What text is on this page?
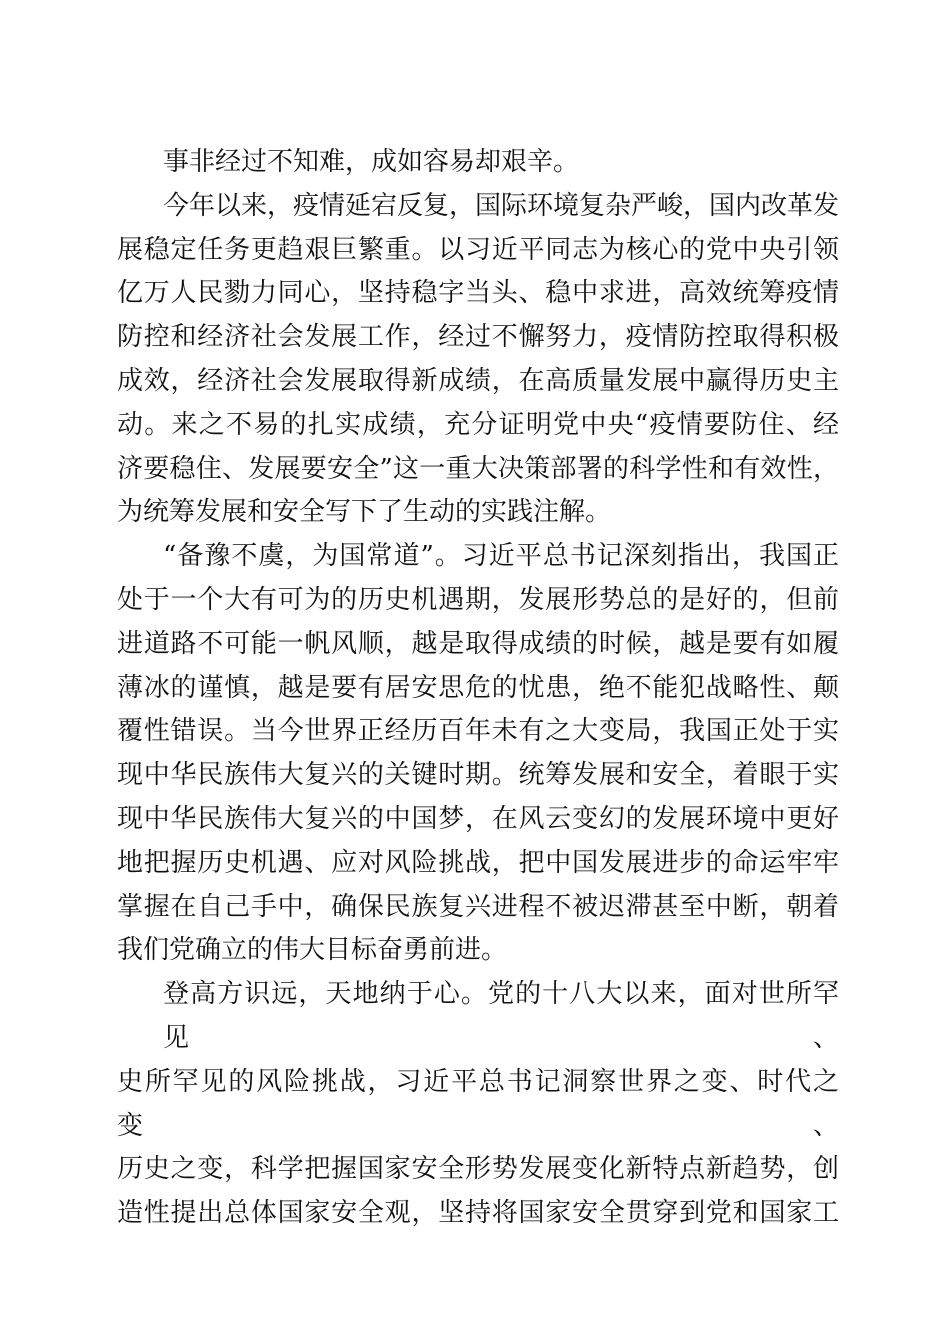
事非经过不知难，成如容易却艰辛。
今年以来，疫情延宕反复，国际环境复杂严峻，国内改革发
展稳定任务更趋艰巨繁重。以习近平同志为核心的党中央引领
亿万人民勠力同心，坚持稳字当头、稳中求进，高效统筹疫情
防控和经济社会发展工作，经过不懈努力，疫情防控取得积极
成效，经济社会发展取得新成绩，在高质量发展中赢得历史主
动。来之不易的扎实成绩，充分证明党中央“疫情要防住、经
济要稳住、发展要安全”这一重大决策部署的科学性和有效性，
为统筹发展和安全写下了生动的实践注解。
“备豫不虞，为国常道”。习近平总书记深刻指出，我国正
处于一个大有可为的历史机遇期，发展形势总的是好的，但前
进道路不可能一帆风顺，越是取得成绩的时候，越是要有如履
薄冰的谨慎，越是要有居安思危的忧患，绝不能犯战略性、颠
覆性错误。当今世界正经历百年未有之大变局，我国正处于实
现中华民族伟大复兴的关键时期。统筹发展和安全，着眼于实
现中华民族伟大复兴的中国梦，在风云变幻的发展环境中更好
地把握历史机遇、应对风险挑战，把中国发展进步的命运牢牢
掌握在自己手中，确保民族复兴进程不被迟滞甚至中断，朝着
我们党确立的伟大目标奋勇前进。
登高方识远，天地纳于心。党的十八大以来，面对世所罕见、
史所罕见的风险挑战，习近平总书记洞察世界之变、时代之变、
历史之变，科学把握国家安全形势发展变化新特点新趋势，创
造性提出总体国家安全观，坚持将国家安全贯穿到党和国家工
